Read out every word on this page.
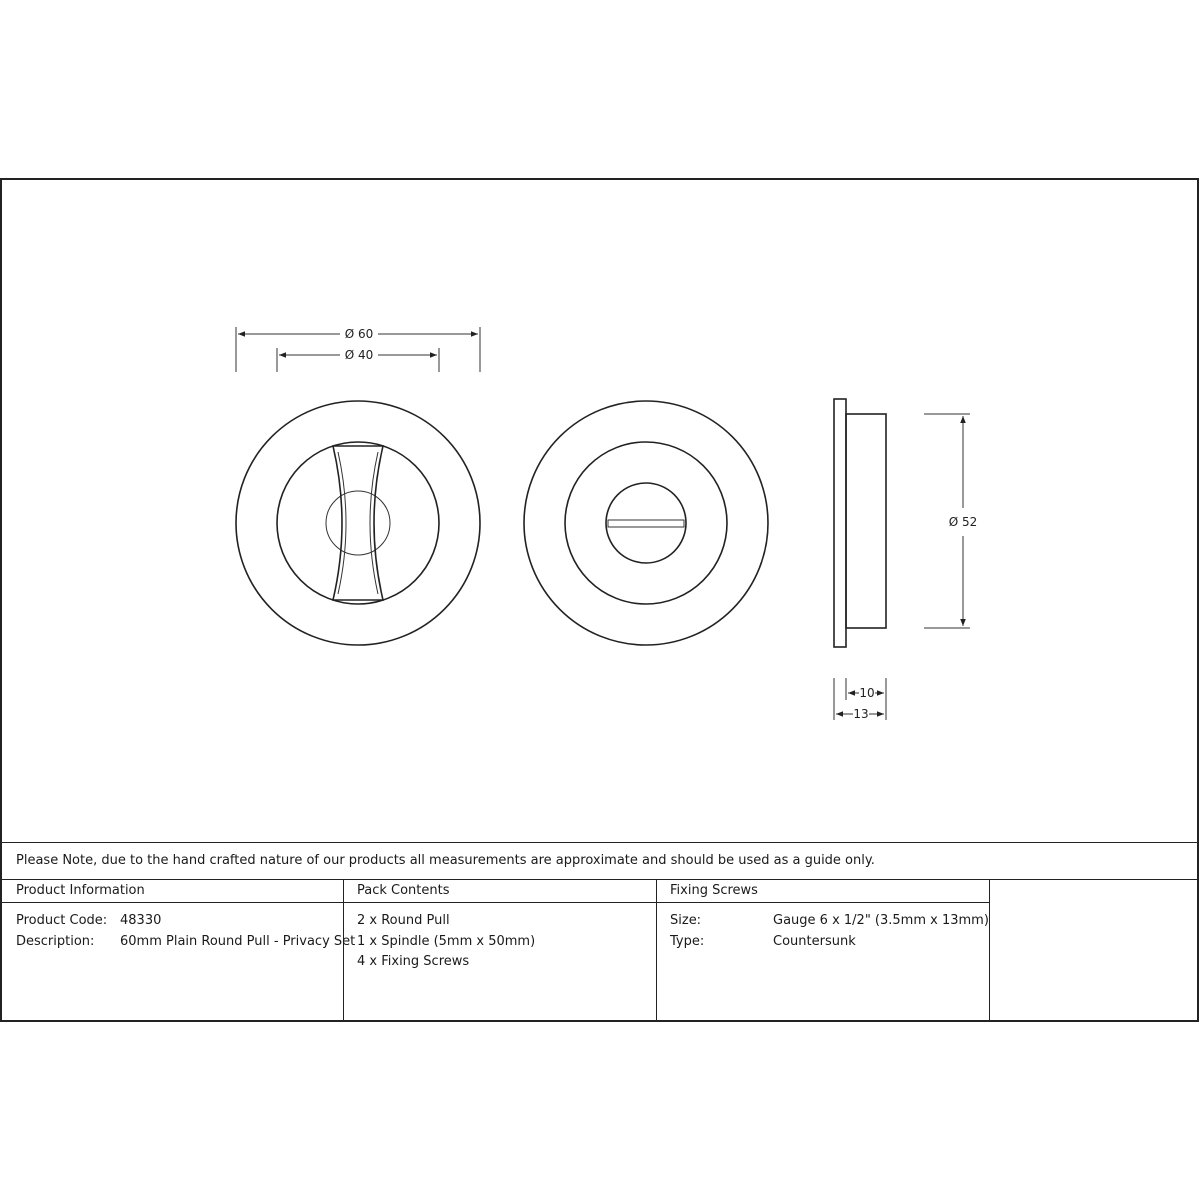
Ø 60
Ø 40
Ø 52
10
13
Please Note, due to the hand crafted nature of our products all measurements are approximate and should be used as a guide only.
Product Information
Product Code: 48330
Description: 60mm Plain Round Pull - Privacy Set
Pack Contents
2 x Round Pull
1 x Spindle (5mm x 50mm)
4 x Fixing Screws
Fixing Screws
Size:	Gauge 6 x 1/2" (3.5mm x 13mm)
Type:	Countersunk
